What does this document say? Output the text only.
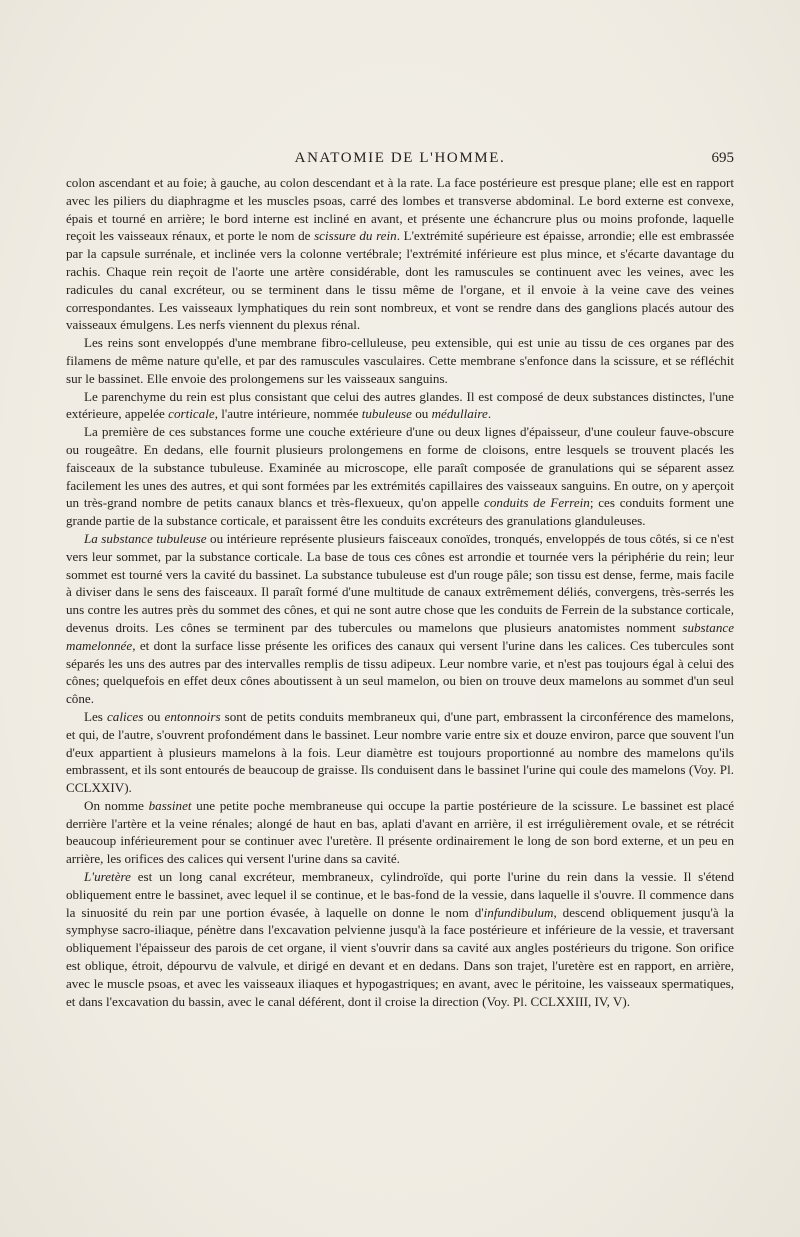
ANATOMIE DE L'HOMME.	695

colon ascendant et au foie; à gauche, au colon descendant et à la rate. La face postérieure est presque plane; elle est en rapport avec les piliers du diaphragme et les muscles psoas, carré des lombes et transverse abdominal. Le bord externe est convexe, épais et tourné en arrière; le bord interne est incliné en avant, et présente une échancrure plus ou moins profonde, laquelle reçoit les vaisseaux rénaux, et porte le nom de scissure du rein. L'extrémité supérieure est épaisse, arrondie; elle est embrassée par la capsule surrénale, et inclinée vers la colonne vertébrale; l'extrémité inférieure est plus mince, et s'écarte davantage du rachis. Chaque rein reçoit de l'aorte une artère considérable, dont les ramuscules se continuent avec les veines, avec les radicules du canal excréteur, ou se terminent dans le tissu même de l'organe, et il envoie à la veine cave des veines correspondantes. Les vaisseaux lymphatiques du rein sont nombreux, et vont se rendre dans des ganglions placés autour des vaisseaux émulgens. Les nerfs viennent du plexus rénal.

Les reins sont enveloppés d'une membrane fibro-celluleuse, peu extensible, qui est unie au tissu de ces organes par des filamens de même nature qu'elle, et par des ramuscules vasculaires. Cette membrane s'enfonce dans la scissure, et se réfléchit sur le bassinet. Elle envoie des prolongemens sur les vaisseaux sanguins.

Le parenchyme du rein est plus consistant que celui des autres glandes. Il est composé de deux substances distinctes, l'une extérieure, appelée corticale, l'autre intérieure, nommée tubuleuse ou médullaire.

La première de ces substances forme une couche extérieure d'une ou deux lignes d'épaisseur, d'une couleur fauve-obscure ou rougeâtre. En dedans, elle fournit plusieurs prolongemens en forme de cloisons, entre lesquels se trouvent placés les faisceaux de la substance tubuleuse. Examinée au microscope, elle paraît composée de granulations qui se séparent assez facilement les unes des autres, et qui sont formées par les extrémités capillaires des vaisseaux sanguins. En outre, on y aperçoit un très-grand nombre de petits canaux blancs et très-flexueux, qu'on appelle conduits de Ferrein; ces conduits forment une grande partie de la substance corticale, et paraissent être les conduits excréteurs des granulations glanduleuses.

La substance tubuleuse ou intérieure représente plusieurs faisceaux conoïdes, tronqués, enveloppés de tous côtés, si ce n'est vers leur sommet, par la substance corticale. La base de tous ces cônes est arrondie et tournée vers la périphérie du rein; leur sommet est tourné vers la cavité du bassinet. La substance tubuleuse est d'un rouge pâle; son tissu est dense, ferme, mais facile à diviser dans le sens des faisceaux. Il paraît formé d'une multitude de canaux extrêmement déliés, convergens, très-serrés les uns contre les autres près du sommet des cônes, et qui ne sont autre chose que les conduits de Ferrein de la substance corticale, devenus droits. Les cônes se terminent par des tubercules ou mamelons que plusieurs anatomistes nomment substance mamelonnée, et dont la surface lisse présente les orifices des canaux qui versent l'urine dans les calices. Ces tubercules sont séparés les uns des autres par des intervalles remplis de tissu adipeux. Leur nombre varie, et n'est pas toujours égal à celui des cônes; quelquefois en effet deux cônes aboutissent à un seul mamelon, ou bien on trouve deux mamelons au sommet d'un seul cône.

Les calices ou entonnoirs sont de petits conduits membraneux qui, d'une part, embrassent la circonférence des mamelons, et qui, de l'autre, s'ouvrent profondément dans le bassinet. Leur nombre varie entre six et douze environ, parce que souvent l'un d'eux appartient à plusieurs mamelons à la fois. Leur diamètre est toujours proportionné au nombre des mamelons qu'ils embrassent, et ils sont entourés de beaucoup de graisse. Ils conduisent dans le bassinet l'urine qui coule des mamelons (Voy. Pl. CCLXXIV).

On nomme bassinet une petite poche membraneuse qui occupe la partie postérieure de la scissure. Le bassinet est placé derrière l'artère et la veine rénales; alongé de haut en bas, aplati d'avant en arrière, il est irrégulièrement ovale, et se rétrécit beaucoup inférieurement pour se continuer avec l'uretère. Il présente ordinairement le long de son bord externe, et un peu en arrière, les orifices des calices qui versent l'urine dans sa cavité.

L'uretère est un long canal excréteur, membraneux, cylindroïde, qui porte l'urine du rein dans la vessie. Il s'étend obliquement entre le bassinet, avec lequel il se continue, et le bas-fond de la vessie, dans laquelle il s'ouvre. Il commence dans la sinuosité du rein par une portion évasée, à laquelle on donne le nom d'infundibulum, descend obliquement jusqu'à la symphyse sacro-iliaque, pénètre dans l'excavation pelvienne jusqu'à la face postérieure et inférieure de la vessie, et traversant obliquement l'épaisseur des parois de cet organe, il vient s'ouvrir dans sa cavité aux angles postérieurs du trigone. Son orifice est oblique, étroit, dépourvu de valvule, et dirigé en devant et en dedans. Dans son trajet, l'uretère est en rapport, en arrière, avec le muscle psoas, et avec les vaisseaux iliaques et hypogastriques; en avant, avec le péritoine, les vaisseaux spermatiques, et dans l'excavation du bassin, avec le canal déférent, dont il croise la direction (Voy. Pl. CCLXXIII, IV, V).
